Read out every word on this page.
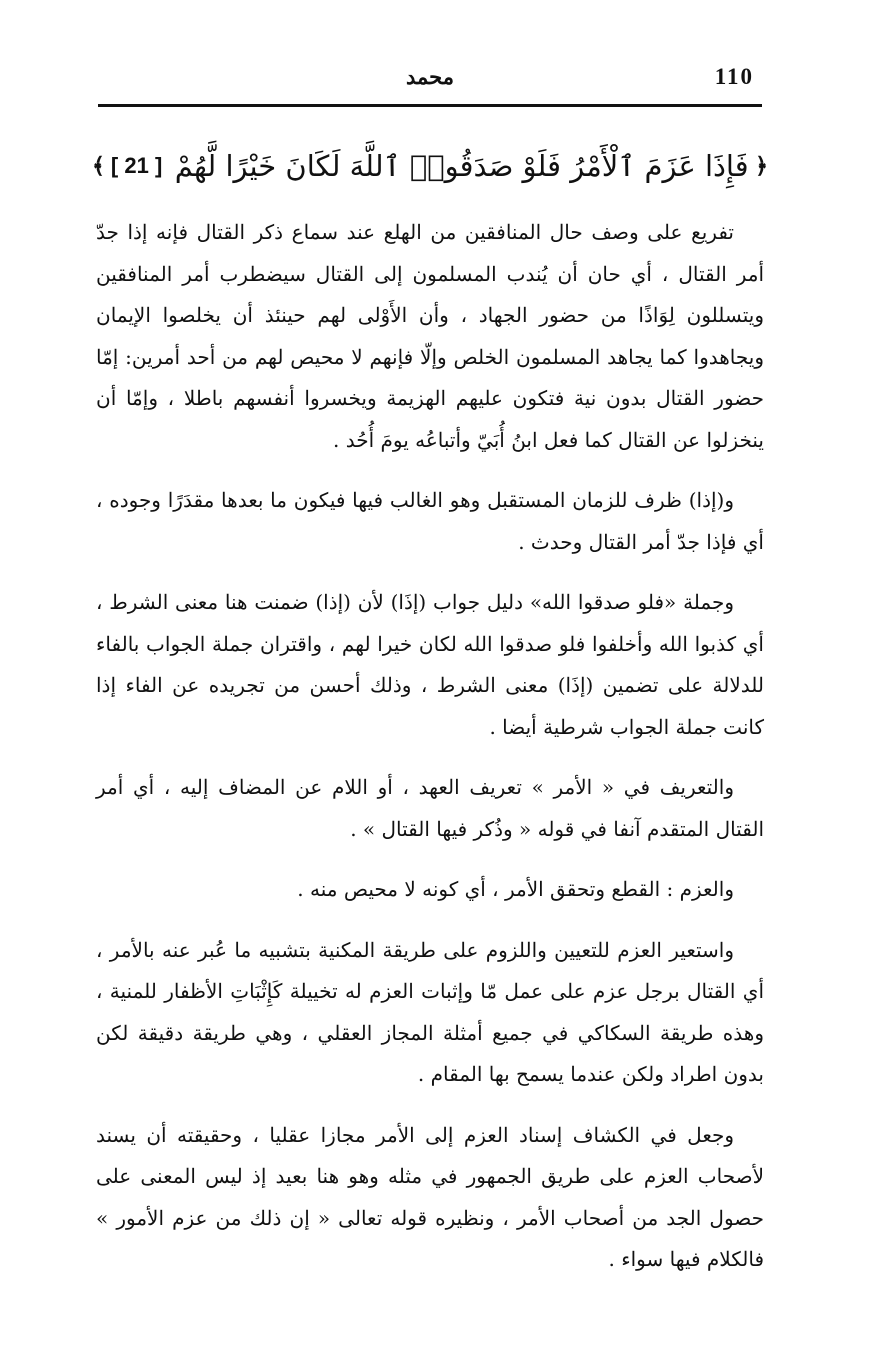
110
محمد
﴿
فَإِذَا عَزَمَ ٱلْأَمْرُ فَلَوْ صَدَقُوا۟ ٱللَّهَ لَكَانَ خَيْرًا لَّهُمْ
[ 21 ]
﴾

تفريع على وصف حال المنافقين من الهلع عند سماع ذكر القتال فإنه إذا جدّ أمر القتال ، أي حان أن يُندب المسلمون إلى القتال سيضطرب أمر المنافقين ويتسللون لِوَاذًا من حضور الجهاد ، وأن الأَوْلى لهم حينئذ أن يخلصوا الإيمان ويجاهدوا كما يجاهد المسلمون الخلص وإلّا فإنهم لا محيص لهم من أحد أمرين: إمّا حضور القتال بدون نية فتكون عليهم الهزيمة ويخسروا أنفسهم باطلا ، وإمّا أن ينخزلوا عن القتال كما فعل ابنُ أُبَيّ وأتباعُه يومَ أُحُد .

و(إذا) ظرف للزمان المستقبل وهو الغالب فيها فيكون ما بعدها مقدَرًا وجوده ، أي فإذا جدّ أمر القتال وحدث .

وجملة «فلو صدقوا الله» دليل جواب (إذَا) لأن (إذا) ضمنت هنا معنى الشرط ، أي كذبوا الله وأخلفوا فلو صدقوا الله لكان خيرا لهم ، واقتران جملة الجواب بالفاء للدلالة على تضمين (إذَا) معنى الشرط ، وذلك أحسن من تجريده عن الفاء إذا كانت جملة الجواب شرطية أيضا .

والتعريف في « الأمر » تعريف العهد ، أو اللام عن المضاف إليه ، أي أمر القتال المتقدم آنفا في قوله « وذُكر فيها القتال » .

والعزم : القطع وتحقق الأمر ، أي كونه لا محيص منه .

واستعير العزم للتعيين واللزوم على طريقة المكنية بتشبيه ما عُبر عنه بالأمر ، أي القتال برجل عزم على عمل مّا وإثبات العزم له تخييلة كَإِثْبَاتِ الأظفار للمنية ، وهذه طريقة السكاكي في جميع أمثلة المجاز العقلي ، وهي طريقة دقيقة لكن بدون اطراد ولكن عندما يسمح بها المقام .

وجعل في الكشاف إسناد العزم إلى الأمر مجازا عقليا ، وحقيقته أن يسند لأصحاب العزم على طريق الجمهور في مثله وهو هنا بعيد إذ ليس المعنى على حصول الجد من أصحاب الأمر ، ونظيره قوله تعالى « إن ذلك من عزم الأمور » فالكلام فيها سواء .
